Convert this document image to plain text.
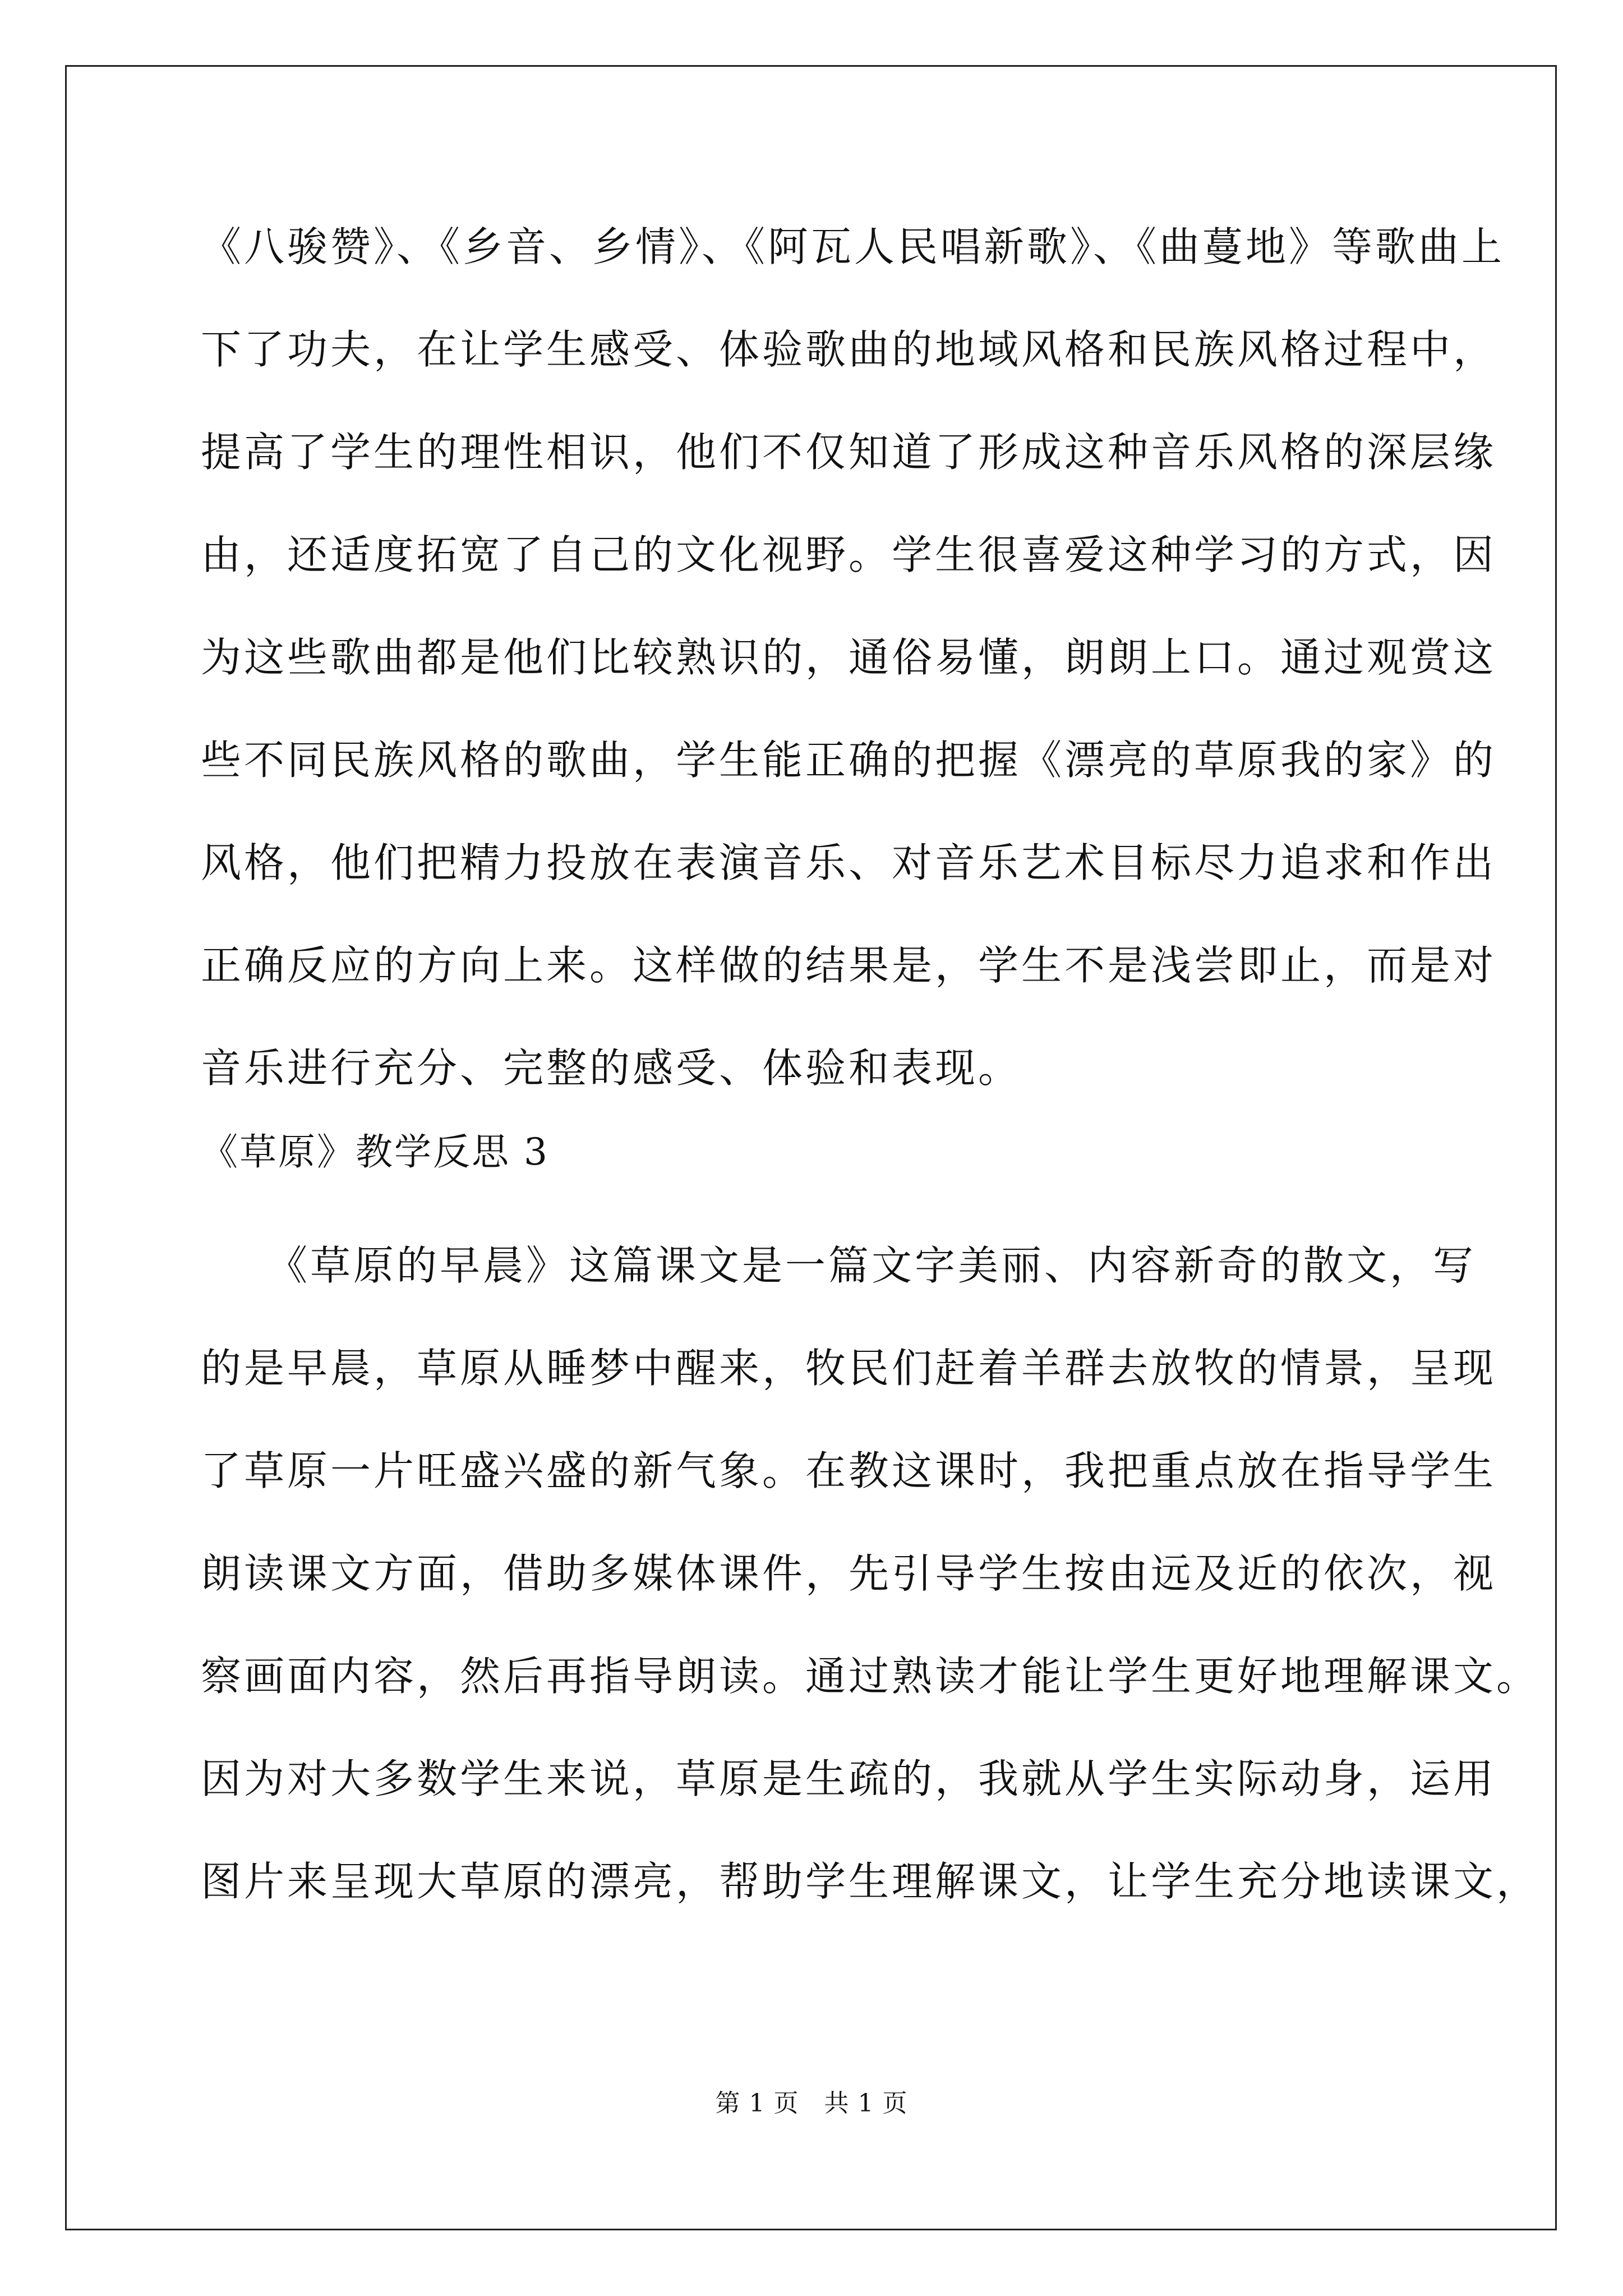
《八骏赞》、《乡音、乡情》、《阿瓦人民唱新歌》、《曲蔓地》等歌曲上
下了功夫，在让学生感受、体验歌曲的地域风格和民族风格过程中，
提高了学生的理性相识，他们不仅知道了形成这种音乐风格的深层缘
由，还适度拓宽了自己的文化视野。学生很喜爱这种学习的方式，因
为这些歌曲都是他们比较熟识的，通俗易懂，朗朗上口。通过观赏这
些不同民族风格的歌曲，学生能正确的把握《漂亮的草原我的家》的
风格，他们把精力投放在表演音乐、对音乐艺术目标尽力追求和作出
正确反应的方向上来。这样做的结果是，学生不是浅尝即止，而是对
音乐进行充分、完整的感受、体验和表现。
《草原》教学反思 3
　　《草原的早晨》这篇课文是一篇文字美丽、内容新奇的散文，写
的是早晨，草原从睡梦中醒来，牧民们赶着羊群去放牧的情景，呈现
了草原一片旺盛兴盛的新气象。在教这课时，我把重点放在指导学生
朗读课文方面，借助多媒体课件，先引导学生按由远及近的依次，视
察画面内容，然后再指导朗读。通过熟读才能让学生更好地理解课文。
因为对大多数学生来说，草原是生疏的，我就从学生实际动身，运用
图片来呈现大草原的漂亮，帮助学生理解课文，让学生充分地读课文，
第 1 页　共 1 页
